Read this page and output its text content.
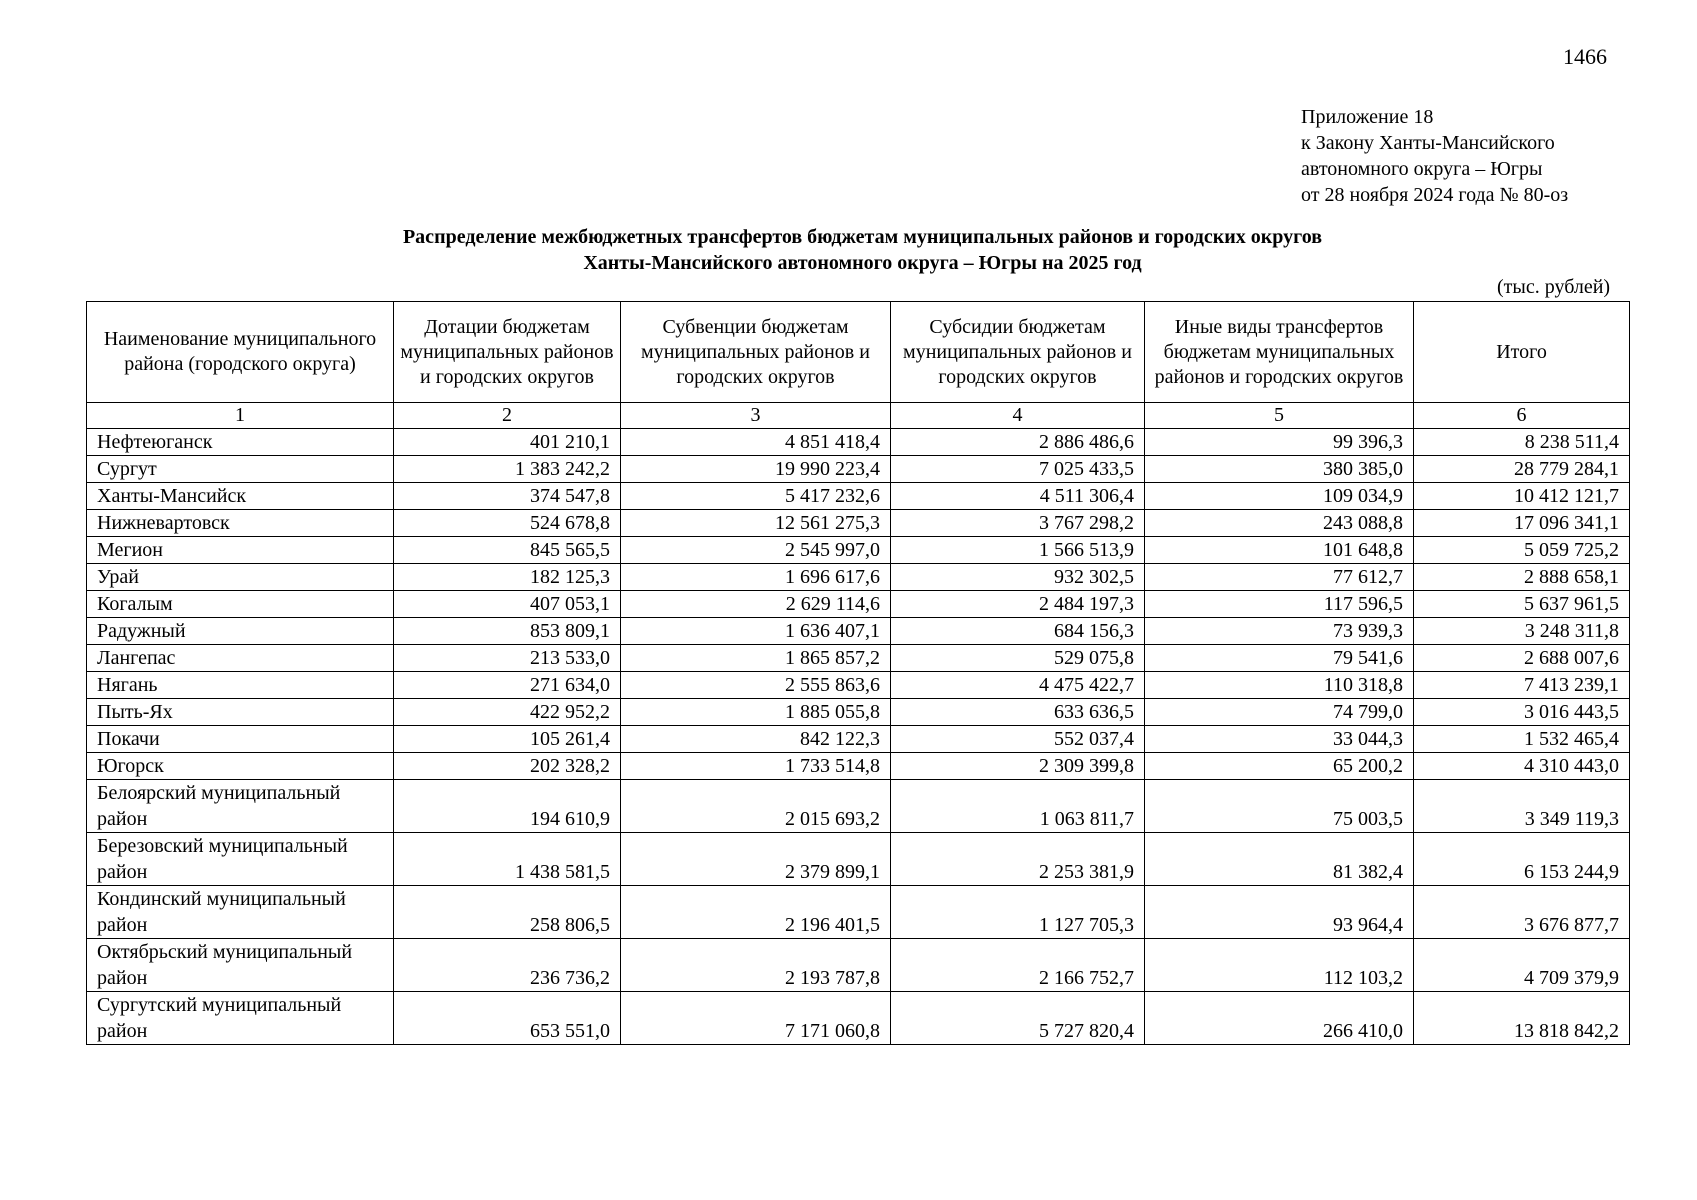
1466
Приложение 18
к Закону Ханты-Мансийского
автономного округа – Югры
от 28 ноября 2024 года № 80-оз
Распределение межбюджетных трансфертов бюджетам муниципальных районов и городских округов
Ханты-Мансийского автономного округа – Югры на 2025 год
(тыс. рублей)
Наименование муниципального района (городского округа)	Дотации бюджетам муниципальных районов и городских округов	Субвенции бюджетам муниципальных районов и городских округов	Субсидии бюджетам муниципальных районов и городских округов	Иные виды трансфертов бюджетам муниципальных районов и городских округов	Итого
1	2	3	4	5	6
Нефтеюганск	401 210,1	4 851 418,4	2 886 486,6	99 396,3	8 238 511,4
Сургут	1 383 242,2	19 990 223,4	7 025 433,5	380 385,0	28 779 284,1
Ханты-Мансийск	374 547,8	5 417 232,6	4 511 306,4	109 034,9	10 412 121,7
Нижневартовск	524 678,8	12 561 275,3	3 767 298,2	243 088,8	17 096 341,1
Мегион	845 565,5	2 545 997,0	1 566 513,9	101 648,8	5 059 725,2
Урай	182 125,3	1 696 617,6	932 302,5	77 612,7	2 888 658,1
Когалым	407 053,1	2 629 114,6	2 484 197,3	117 596,5	5 637 961,5
Радужный	853 809,1	1 636 407,1	684 156,3	73 939,3	3 248 311,8
Лангепас	213 533,0	1 865 857,2	529 075,8	79 541,6	2 688 007,6
Нягань	271 634,0	2 555 863,6	4 475 422,7	110 318,8	7 413 239,1
Пыть-Ях	422 952,2	1 885 055,8	633 636,5	74 799,0	3 016 443,5
Покачи	105 261,4	842 122,3	552 037,4	33 044,3	1 532 465,4
Югорск	202 328,2	1 733 514,8	2 309 399,8	65 200,2	4 310 443,0
Белоярский муниципальный район	194 610,9	2 015 693,2	1 063 811,7	75 003,5	3 349 119,3
Березовский муниципальный район	1 438 581,5	2 379 899,1	2 253 381,9	81 382,4	6 153 244,9
Кондинский муниципальный район	258 806,5	2 196 401,5	1 127 705,3	93 964,4	3 676 877,7
Октябрьский муниципальный район	236 736,2	2 193 787,8	2 166 752,7	112 103,2	4 709 379,9
Сургутский муниципальный район	653 551,0	7 171 060,8	5 727 820,4	266 410,0	13 818 842,2
